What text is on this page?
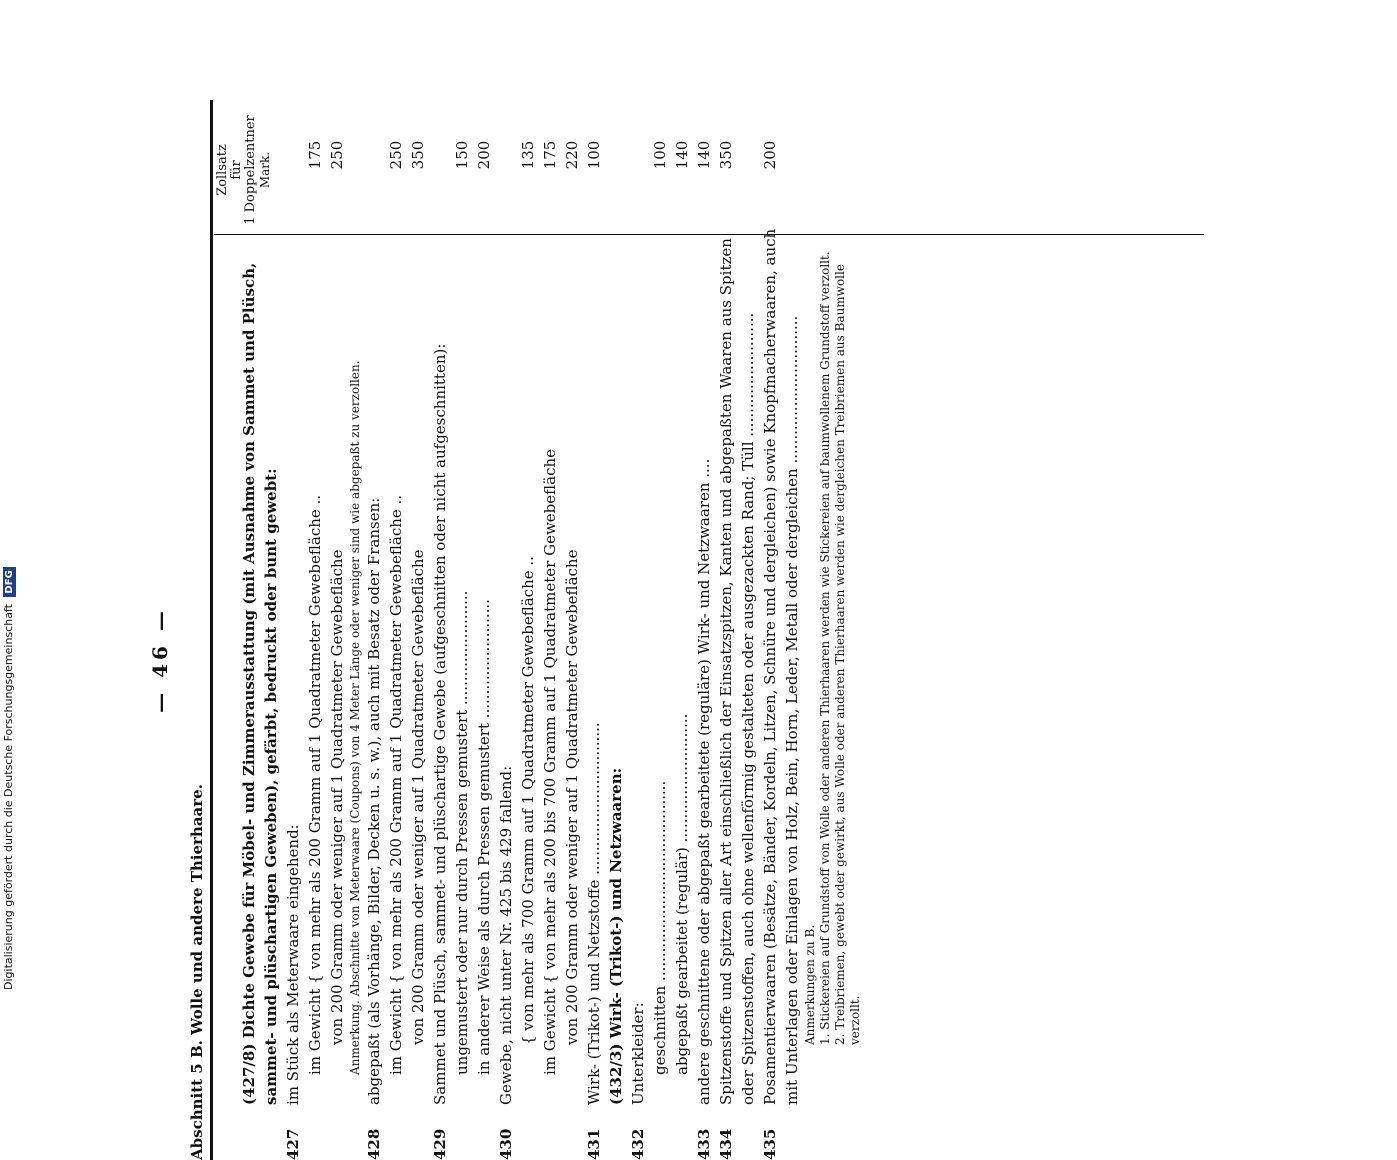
— 46 —
Abschnitt 5 B. Wolle und andere Thierhaare.
Zollsatz für 1 Doppelzentner Mark.
(427/8) Dichte Gewebe für Möbel- und Zimmerausstattung (mit Ausnahme von Sammet und Plüsch, sammet- und plüschartigen Geweben), gefärbt, bedruckt oder bunt gewebt:
427
im Stück als Meterwaare eingehend: im Gewicht { von mehr als 200 Gramm auf 1 Quadratmeter Gewebefläche ..
175
von 200 Gramm oder weniger auf 1 Quadratmeter Gewebefläche
250
Anmerkung. Abschnitte von Meterwaare (Coupons) von 4 Meter Länge oder weniger sind wie abgepaßt zu verzollen.
428
abgepaßt (als Vorhänge, Bilder, Decken u. s. w.), auch mit Besatz oder Fransen: im Gewicht { von mehr als 200 Gramm auf 1 Quadratmeter Gewebefläche ..
250
von 200 Gramm oder weniger auf 1 Quadratmeter Gewebefläche
350
429
Sammet und Plüsch, sammet- und plüschartige Gewebe (aufgeschnitten oder nicht aufgeschnitten): ungemustert oder nur durch Pressen gemustert ........................
150
in anderer Weise als durch Pressen gemustert .........................
200
430
Gewebe, nicht unter Nr. 425 bis 429 fallend: { von mehr als 700 Gramm auf 1 Quadratmeter Gewebefläche ..
135
im Gewicht { von mehr als 200 bis 700 Gramm auf 1 Quadratmeter Gewebefläche
175
von 200 Gramm oder weniger auf 1 Quadratmeter Gewebefläche
220
431
Wirk- (Trikot-) und Netzstoffe ................................
100
(432/3) Wirk- (Trikot-) und Netzwaaren:
432
Unterkleider: geschnitten ..........................................
100
abgepaßt gearbeitet (regulär) ...........................
140
433
andere geschnittene oder abgepaßt gearbeitete (reguläre) Wirk- und Netzwaaren ....
140
434
Spitzenstoffe und Spitzen aller Art einschließlich der Einsatzspitzen, Kanten und abgepaßten Waaren aus Spitzen oder Spitzenstoffen, auch ohne wellenförmig gestalteten oder ausgezackten Rand; Tüll ..........................
350
435
Posamentierwaaren (Besätze, Bänder, Kordeln, Litzen, Schnüre und dergleichen) sowie Knopfmacherwaaren, auch mit Unterlagen oder Einlagen von Holz, Bein, Horn, Leder, Metall oder dergleichen ...............................
200
Anmerkungen zu B. 1. Stickereien auf Grundstoff von Wolle oder anderen Thierhaaren werden wie Stickereien auf baumwollenem Grundstoff verzollt. 2. Treibriemen, gewebt oder gewirkt, aus Wolle oder anderen Thierhaaren werden wie dergleichen Treibriemen aus Baumwolle verzollt.
Digitalisierung gefördert durch die Deutsche Forschungsgemeinschaft DFG
